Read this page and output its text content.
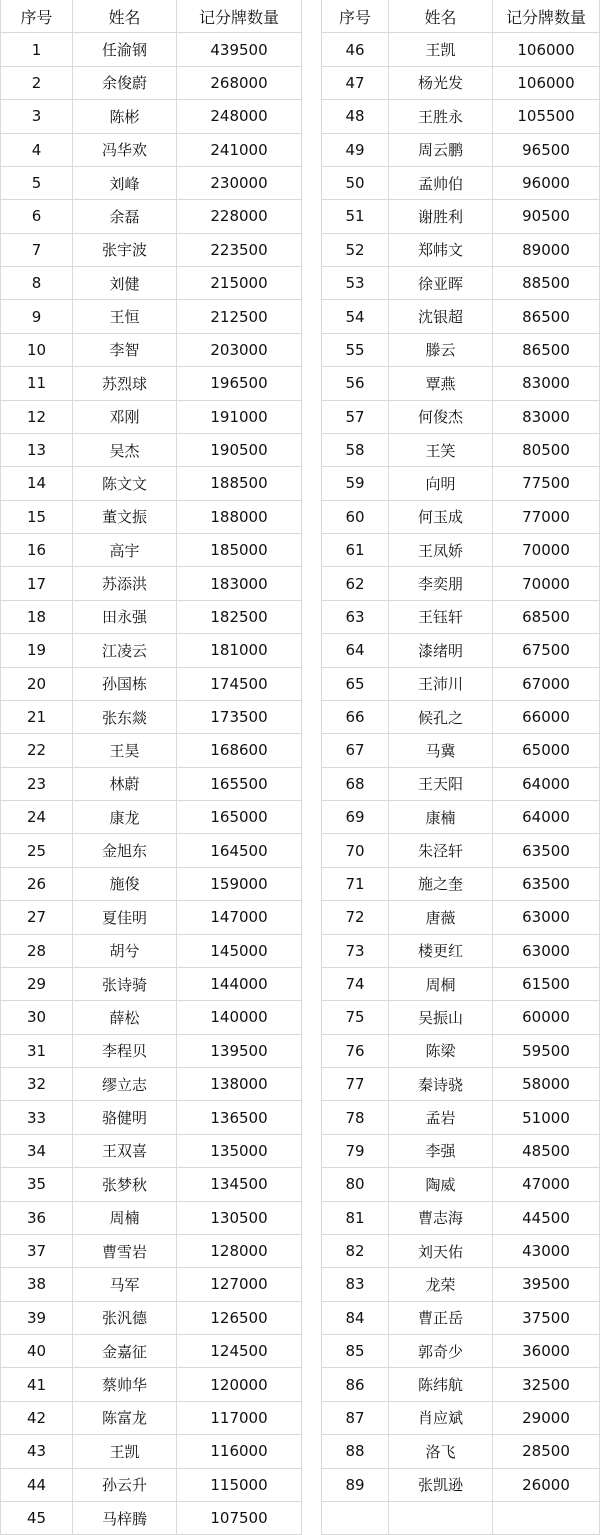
序号	姓名	记分牌数量
1	任渝钢	439500
2	余俊蔚	268000
3	陈彬	248000
4	冯华欢	241000
5	刘峰	230000
6	余磊	228000
7	张宇波	223500
8	刘健	215000
9	王恒	212500
10	李智	203000
11	苏烈球	196500
12	邓刚	191000
13	吴杰	190500
14	陈文文	188500
15	董文振	188000
16	高宇	185000
17	苏添洪	183000
18	田永强	182500
19	江凌云	181000
20	孙国栋	174500
21	张东燚	173500
22	王昊	168600
23	林蔚	165500
24	康龙	165000
25	金旭东	164500
26	施俊	159000
27	夏佳明	147000
28	胡兮	145000
29	张诗骑	144000
30	薛松	140000
31	李程贝	139500
32	缪立志	138000
33	骆健明	136500
34	王双喜	135000
35	张梦秋	134500
36	周楠	130500
37	曹雪岩	128000
38	马军	127000
39	张汎德	126500
40	金嘉征	124500
41	蔡帅华	120000
42	陈富龙	117000
43	王凯	116000
44	孙云升	115000
45	马梓腾	107500
序号	姓名	记分牌数量
46	王凯	106000
47	杨光发	106000
48	王胜永	105500
49	周云鹏	96500
50	孟帅伯	96000
51	谢胜利	90500
52	郑帏文	89000
53	徐亚晖	88500
54	沈银超	86500
55	滕云	86500
56	覃燕	83000
57	何俊杰	83000
58	王笑	80500
59	向明	77500
60	何玉成	77000
61	王凤娇	70000
62	李奕朋	70000
63	王钰轩	68500
64	漆绪明	67500
65	王沛川	67000
66	候孔之	66000
67	马冀	65000
68	王天阳	64000
69	康楠	64000
70	朱泾轩	63500
71	施之奎	63500
72	唐薇	63000
73	楼更红	63000
74	周桐	61500
75	吴振山	60000
76	陈梁	59500
77	秦诗骁	58000
78	孟岩	51000
79	李强	48500
80	陶威	47000
81	曹志海	44500
82	刘天佑	43000
83	龙荣	39500
84	曹正岳	37500
85	郭奇少	36000
86	陈纬航	32500
87	肖应斌	29000
88	洛飞	28500
89	张凯逊	26000
